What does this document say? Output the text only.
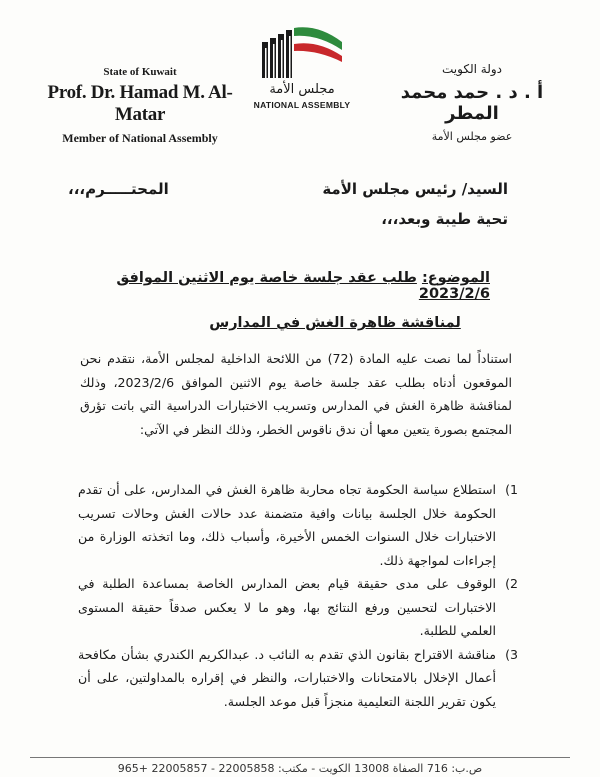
State of Kuwait
Prof. Dr. Hamad M. Al-Matar
Member of National Assembly
مجلس الأمة
NATIONAL ASSEMBLY
دولة الكويت
أ . د . حمد محمد المطر
عضو مجلس الأمة
السيد/ رئيس مجلس الأمة
المحتـــــرم،،،
تحية طيبة وبعد،،،
الموضوع: طلب عقد جلسة خاصة يوم الاثنين الموافق 2023/2/6
لمناقشة ظاهرة الغش في المدارس
استناداً لما نصت عليه المادة (72) من اللائحة الداخلية لمجلس الأمة، نتقدم نحن الموقعون أدناه بطلب عقد جلسة خاصة يوم الاثنين الموافق 2023/2/6، وذلك لمناقشة ظاهرة الغش في المدارس وتسريب الاختبارات الدراسية التي باتت تؤرق المجتمع بصورة يتعين معها أن ندق ناقوس الخطر، وذلك النظر في الآتي:
1)
استطلاع سياسة الحكومة تجاه محاربة ظاهرة الغش في المدارس، على أن تقدم الحكومة خلال الجلسة بيانات وافية متضمنة عدد حالات الغش وحالات تسريب الاختبارات خلال السنوات الخمس الأخيرة، وأسباب ذلك، وما اتخذته الوزارة من إجراءات لمواجهة ذلك.
2)
الوقوف على مدى حقيقة قيام بعض المدارس الخاصة بمساعدة الطلبة في الاختبارات لتحسين ورفع النتائج بها، وهو ما لا يعكس صدقاً حقيقة المستوى العلمي للطلبة.
3)
مناقشة الاقتراح بقانون الذي تقدم به النائب د. عبدالكريم الكندري بشأن مكافحة أعمال الإخلال بالامتحانات والاختبارات، والنظر في إقراره بالمداولتين، على أن يكون تقرير اللجنة التعليمية منجزاً قبل موعد الجلسة.
ص.ب: 716 الصفاة 13008 الكويت - مكتب: 22005858 - 22005857 +965
